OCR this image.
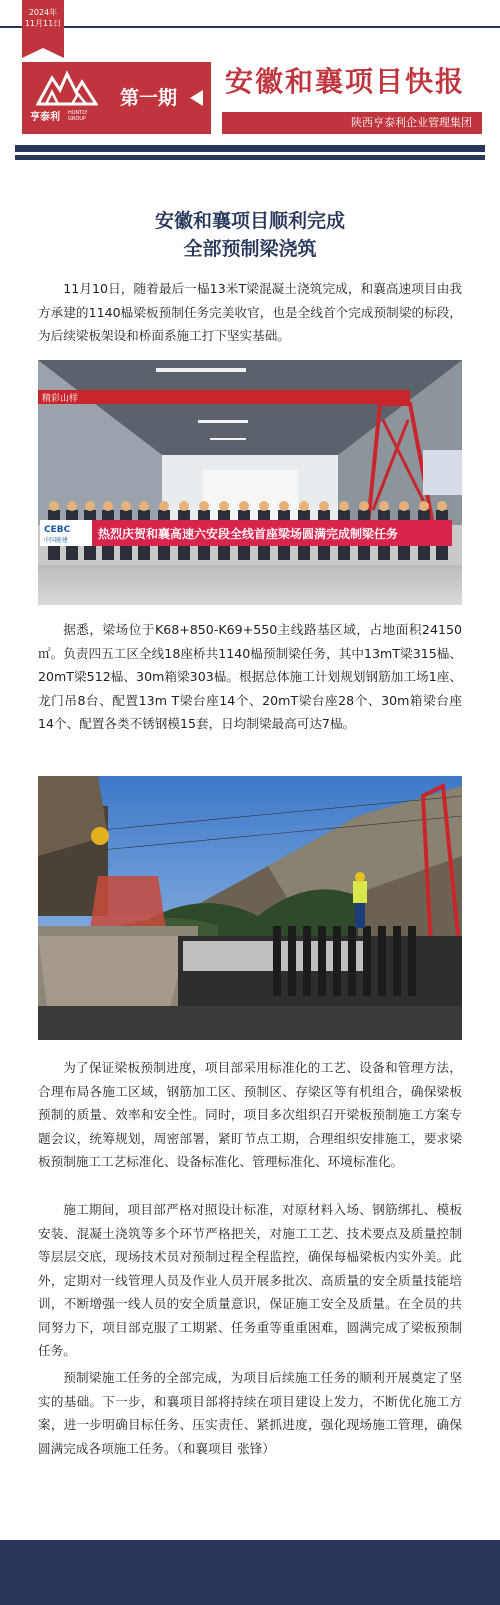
2024年
11月11日
亨泰利 HUNTLY
GROUP
第一期	安徽和襄项目快报
陕西亨泰利企业管理集团
安徽和襄项目顺利完成
全部预制梁浇筑

11月10日，随着最后一榀13米T梁混凝土浇筑完成，和襄高速项目由我方承建的1140榀梁板预制任务完美收官，也是全线首个完成预制梁的标段，为后续梁板架设和桥面系施工打下坚实基础。

精彩山样
CEBC
中国能建 热烈庆贺和襄高速六安段全线首座梁场圆满完成制梁任务

据悉，梁场位于K68+850-K69+550主线路基区域，占地面积24150㎡。负责四五工区全线18座桥共1140榀预制梁任务，其中13mT梁315榀、20mT梁512榀、30m箱梁303榀。根据总体施工计划规划钢筋加工场1座、龙门吊8台、配置13m T梁台座14个、20mT梁台座28个、30m箱梁台座14个、配置各类不锈钢模15套，日均制梁最高可达7榀。

为了保证梁板预制进度，项目部采用标准化的工艺、设备和管理方法，合理布局各施工区域，钢筋加工区、预制区、存梁区等有机组合，确保梁板预制的质量、效率和安全性。同时，项目多次组织召开梁板预制施工方案专题会议，统筹规划，周密部署，紧盯节点工期，合理组织安排施工，要求梁板预制施工工艺标准化、设备标准化、管理标准化、环境标准化。

施工期间，项目部严格对照设计标准，对原材料入场、钢筋绑扎、模板安装、混凝土浇筑等多个环节严格把关，对施工工艺、技术要点及质量控制等层层交底，现场技术员对预制过程全程监控，确保每榀梁板内实外美。此外，定期对一线管理人员及作业人员开展多批次、高质量的安全质量技能培训，不断增强一线人员的安全质量意识，保证施工安全及质量。在全员的共同努力下，项目部克服了工期紧、任务重等重重困难，圆满完成了梁板预制任务。

预制梁施工任务的全部完成，为项目后续施工任务的顺利开展奠定了坚实的基础。下一步，和襄项目部将持续在项目建设上发力，不断优化施工方案，进一步明确目标任务、压实责任、紧抓进度，强化现场施工管理，确保圆满完成各项施工任务。（和襄项目 张锋）
